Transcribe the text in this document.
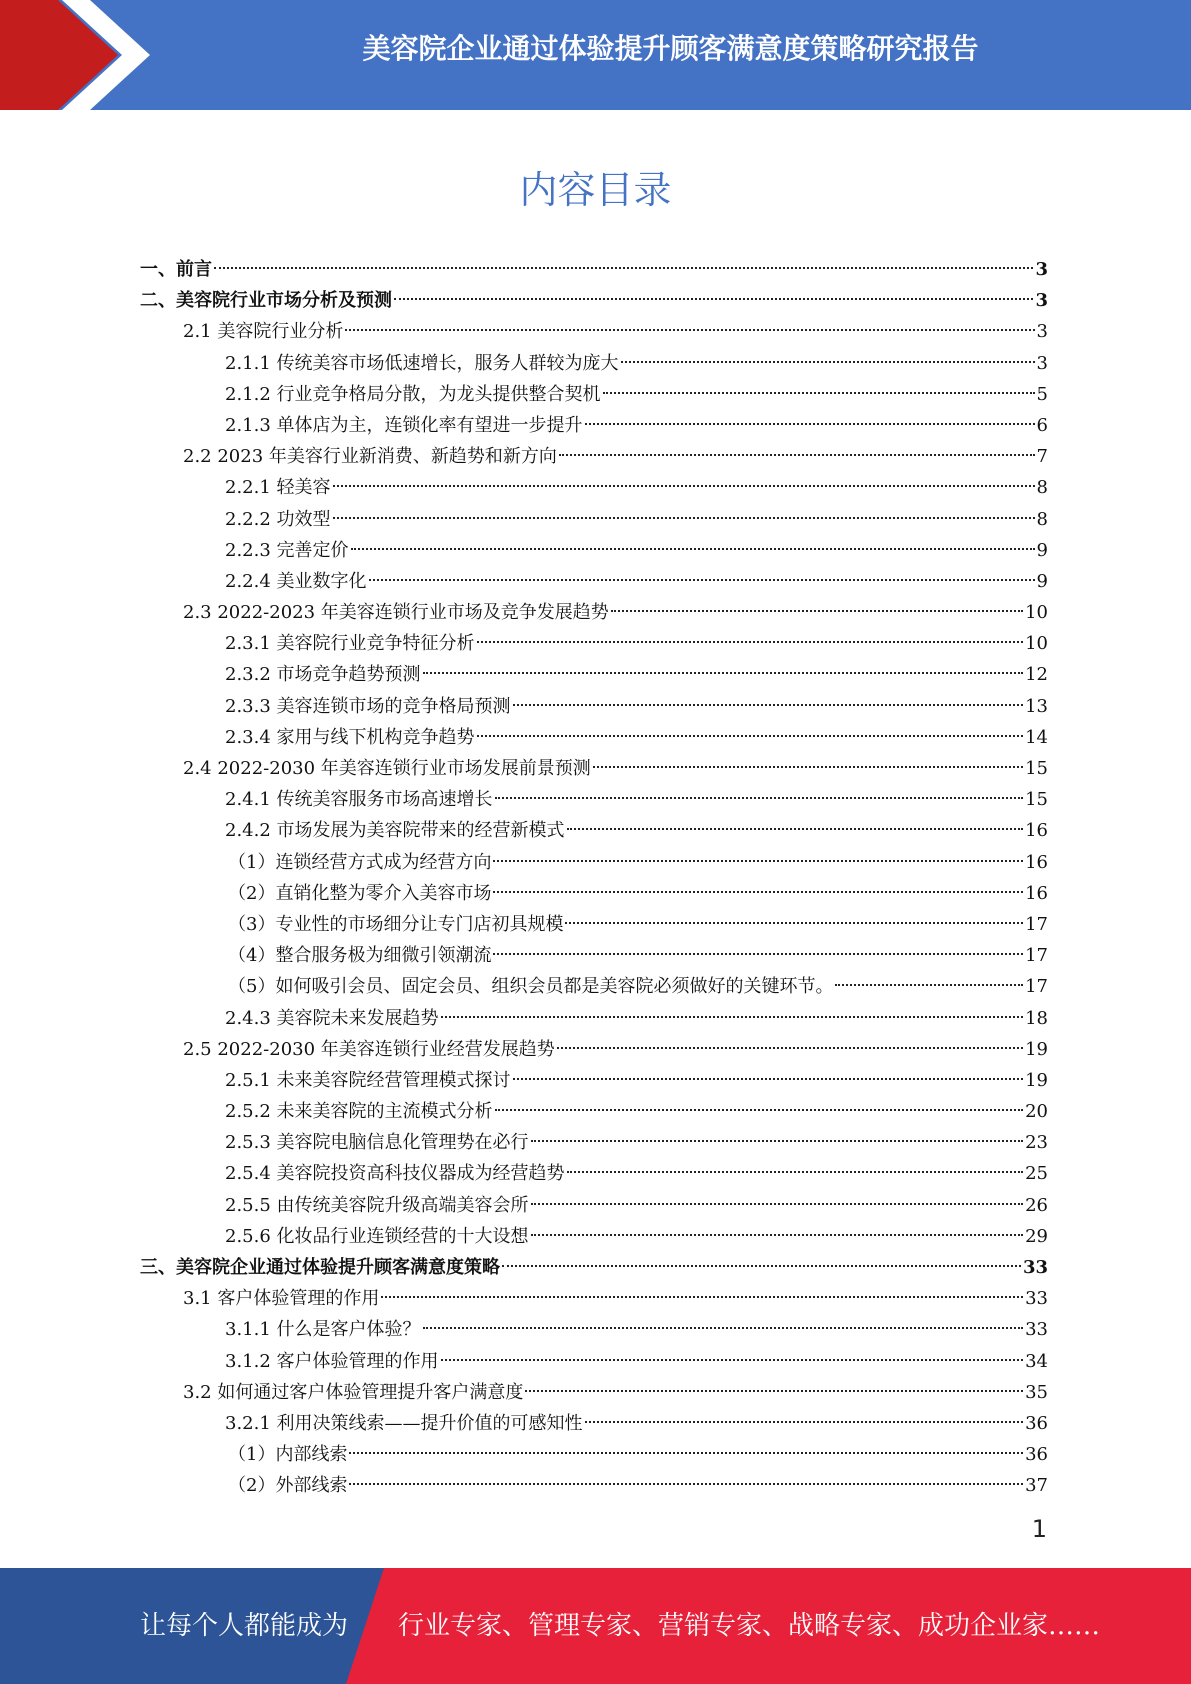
美容院企业通过体验提升顾客满意度策略研究报告
内容目录
一、前言	3
二、美容院行业市场分析及预测	3
2.1 美容院行业分析	3
2.1.1 传统美容市场低速增长，服务人群较为庞大	3
2.1.2 行业竞争格局分散，为龙头提供整合契机	5
2.1.3 单体店为主，连锁化率有望进一步提升	6
2.2 2023 年美容行业新消费、新趋势和新方向	7
2.2.1 轻美容	8
2.2.2 功效型	8
2.2.3 完善定价	9
2.2.4 美业数字化	9
2.3 2022-2023 年美容连锁行业市场及竞争发展趋势	10
2.3.1 美容院行业竞争特征分析	10
2.3.2 市场竞争趋势预测	12
2.3.3 美容连锁市场的竞争格局预测	13
2.3.4 家用与线下机构竞争趋势	14
2.4 2022-2030 年美容连锁行业市场发展前景预测	15
2.4.1 传统美容服务市场高速增长	15
2.4.2 市场发展为美容院带来的经营新模式	16
（1）连锁经营方式成为经营方向	16
（2）直销化整为零介入美容市场	16
（3）专业性的市场细分让专门店初具规模	17
（4）整合服务极为细微引领潮流	17
（5）如何吸引会员、固定会员、组织会员都是美容院必须做好的关键环节。	17
2.4.3 美容院未来发展趋势	18
2.5 2022-2030 年美容连锁行业经营发展趋势	19
2.5.1 未来美容院经营管理模式探讨	19
2.5.2 未来美容院的主流模式分析	20
2.5.3 美容院电脑信息化管理势在必行	23
2.5.4 美容院投资高科技仪器成为经营趋势	25
2.5.5 由传统美容院升级高端美容会所	26
2.5.6 化妆品行业连锁经营的十大设想	29
三、美容院企业通过体验提升顾客满意度策略	33
3.1 客户体验管理的作用	33
3.1.1 什么是客户体验？	33
3.1.2 客户体验管理的作用	34
3.2 如何通过客户体验管理提升客户满意度	35
3.2.1 利用决策线索——提升价值的可感知性	36
（1）内部线索	36
（2）外部线索	37
1
让每个人都能成为 行业专家、管理专家、营销专家、战略专家、成功企业家……
